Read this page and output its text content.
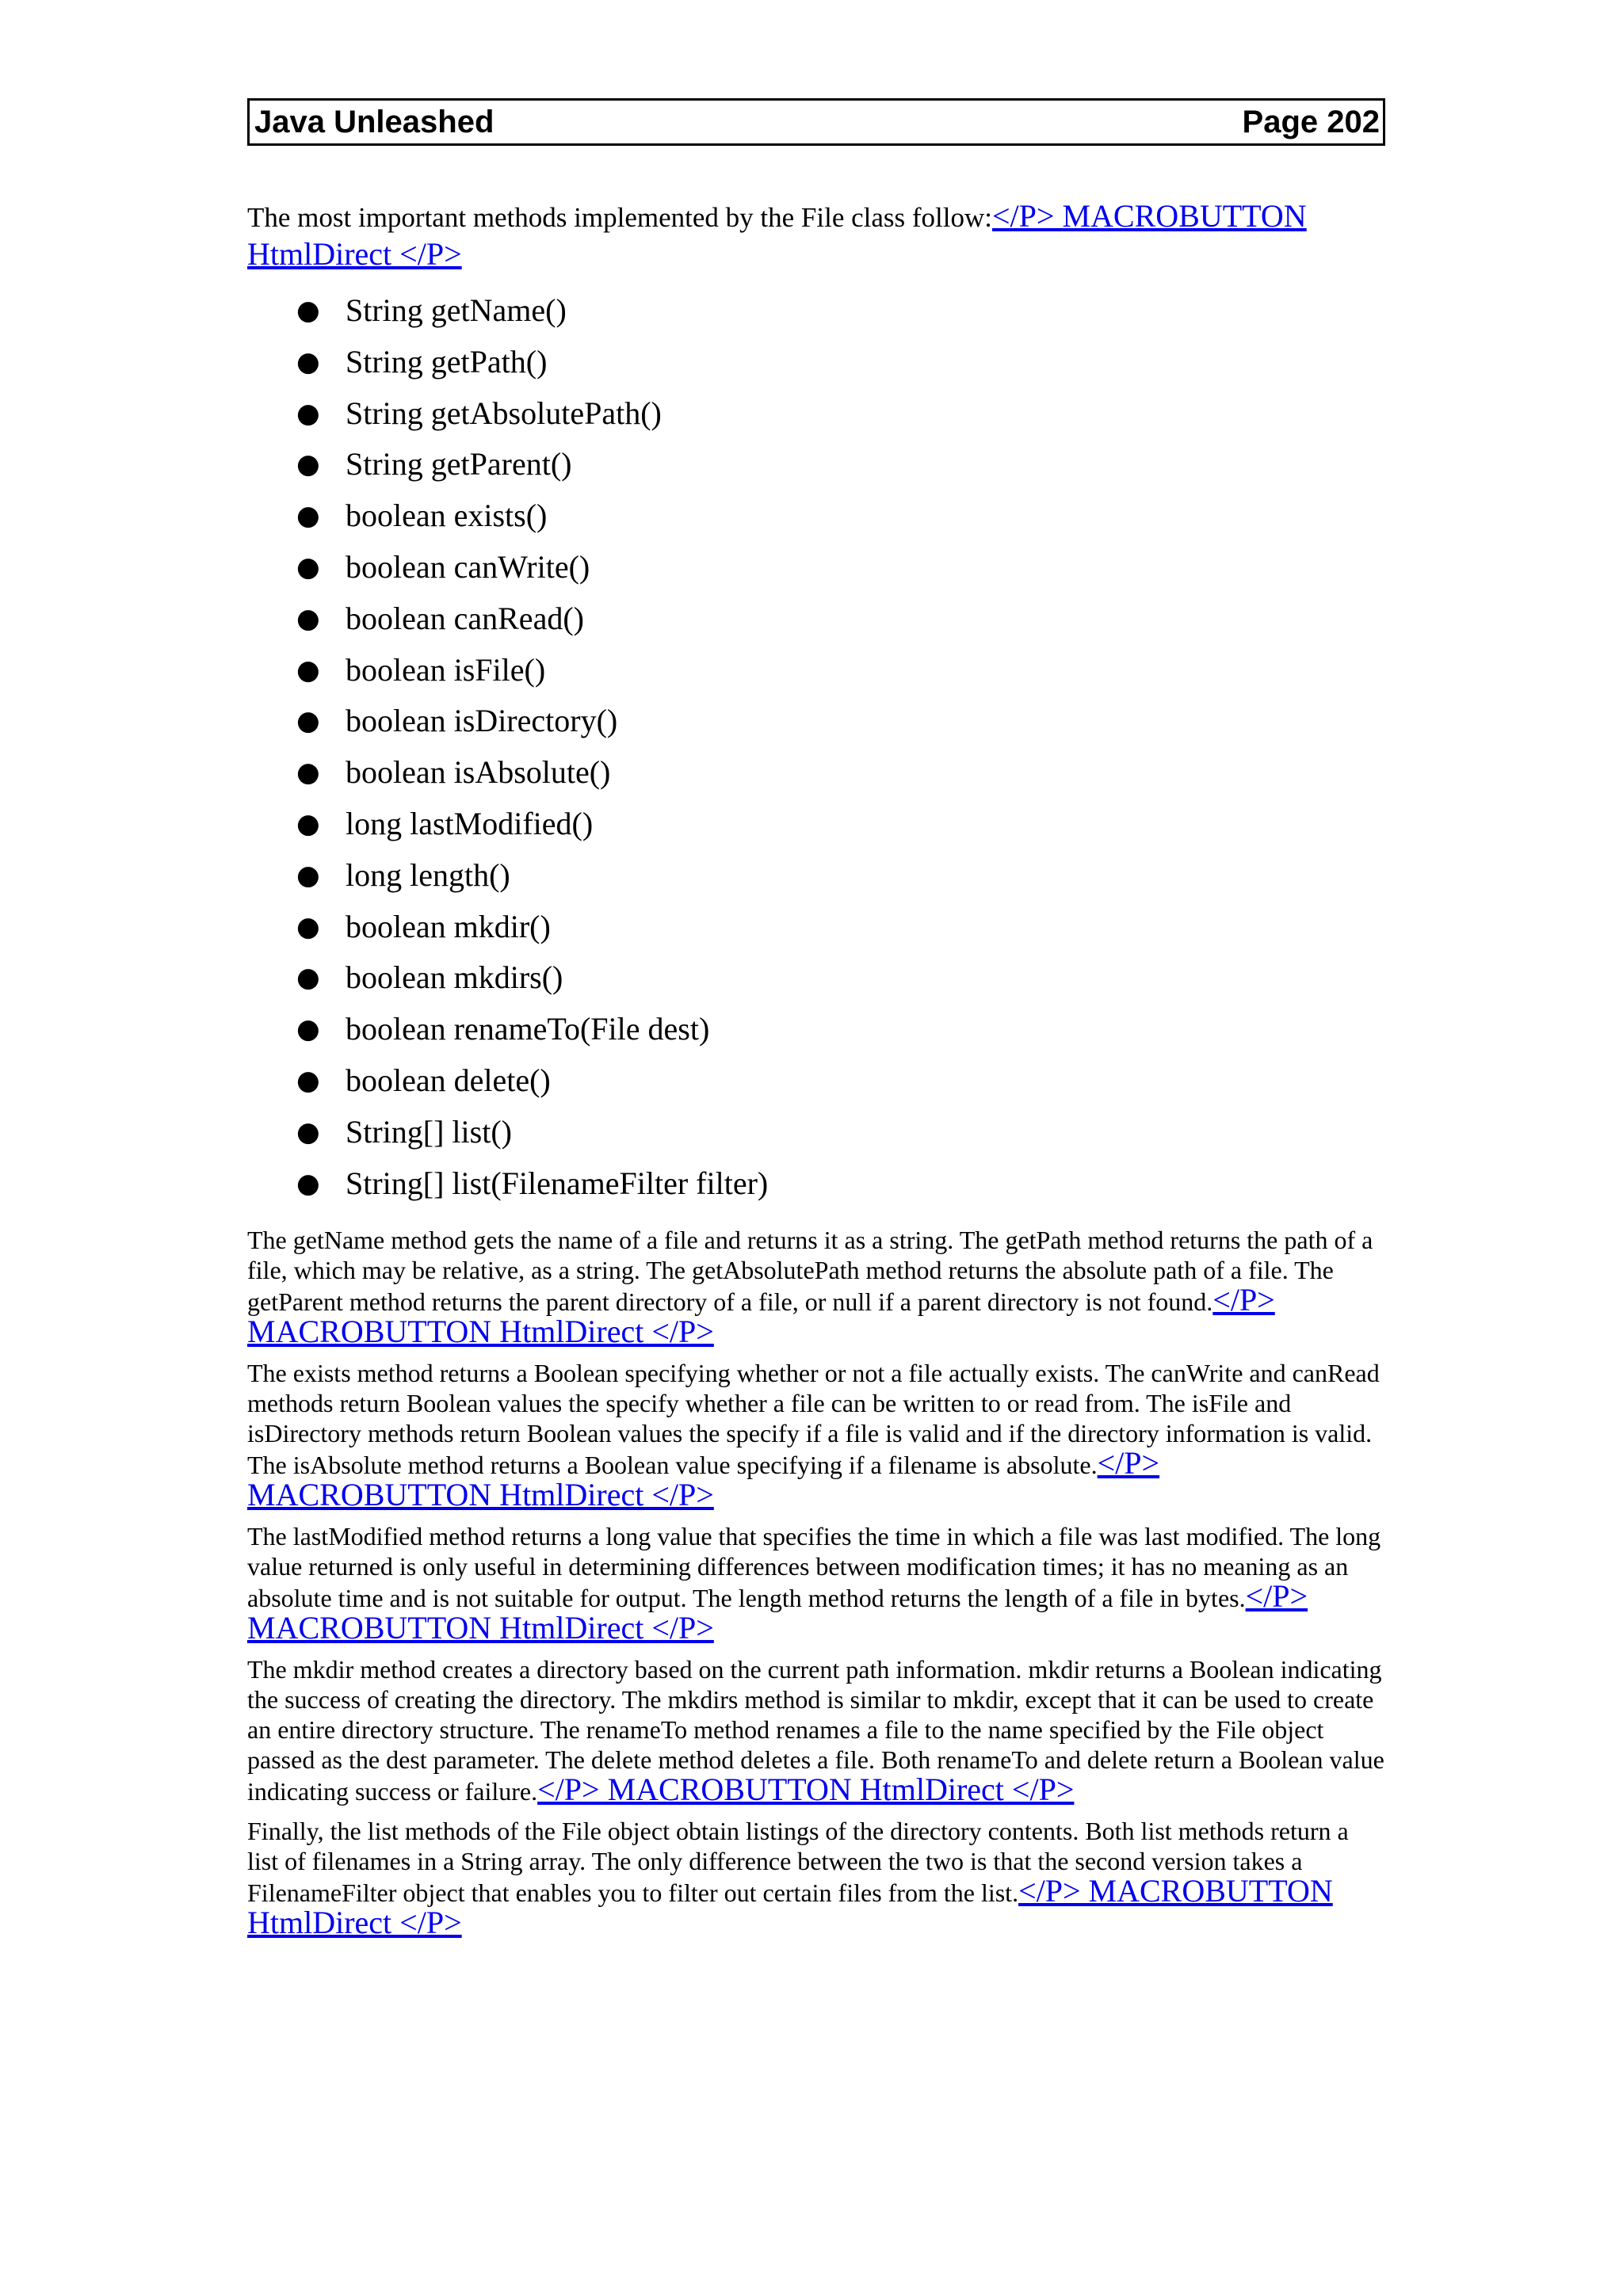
Java Unleashed	Page 202
The most important methods implemented by the File class follow:</P> MACROBUTTON HtmlDirect </P>
● String getName()
● String getPath()
● String getAbsolutePath()
● String getParent()
● boolean exists()
● boolean canWrite()
● boolean canRead()
● boolean isFile()
● boolean isDirectory()
● boolean isAbsolute()
● long lastModified()
● long length()
● boolean mkdir()
● boolean mkdirs()
● boolean renameTo(File dest)
● boolean delete()
● String[] list()
● String[] list(FilenameFilter filter)

The getName method gets the name of a file and returns it as a string. The getPath method returns the path of a file, which may be relative, as a string. The getAbsolutePath method returns the absolute path of a file. The getParent method returns the parent directory of a file, or null if a parent directory is not found.</P> MACROBUTTON HtmlDirect </P>

The exists method returns a Boolean specifying whether or not a file actually exists. The canWrite and canRead methods return Boolean values the specify whether a file can be written to or read from. The isFile and isDirectory methods return Boolean values the specify if a file is valid and if the directory information is valid. The isAbsolute method returns a Boolean value specifying if a filename is absolute.</P> MACROBUTTON HtmlDirect </P>

The lastModified method returns a long value that specifies the time in which a file was last modified. The long value returned is only useful in determining differences between modification times; it has no meaning as an absolute time and is not suitable for output. The length method returns the length of a file in bytes.</P> MACROBUTTON HtmlDirect </P>

The mkdir method creates a directory based on the current path information. mkdir returns a Boolean indicating the success of creating the directory. The mkdirs method is similar to mkdir, except that it can be used to create an entire directory structure. The renameTo method renames a file to the name specified by the File object passed as the dest parameter. The delete method deletes a file. Both renameTo and delete return a Boolean value indicating success or failure.</P> MACROBUTTON HtmlDirect </P>

Finally, the list methods of the File object obtain listings of the directory contents. Both list methods return a list of filenames in a String array. The only difference between the two is that the second version takes a FilenameFilter object that enables you to filter out certain files from the list.</P> MACROBUTTON HtmlDirect </P>
